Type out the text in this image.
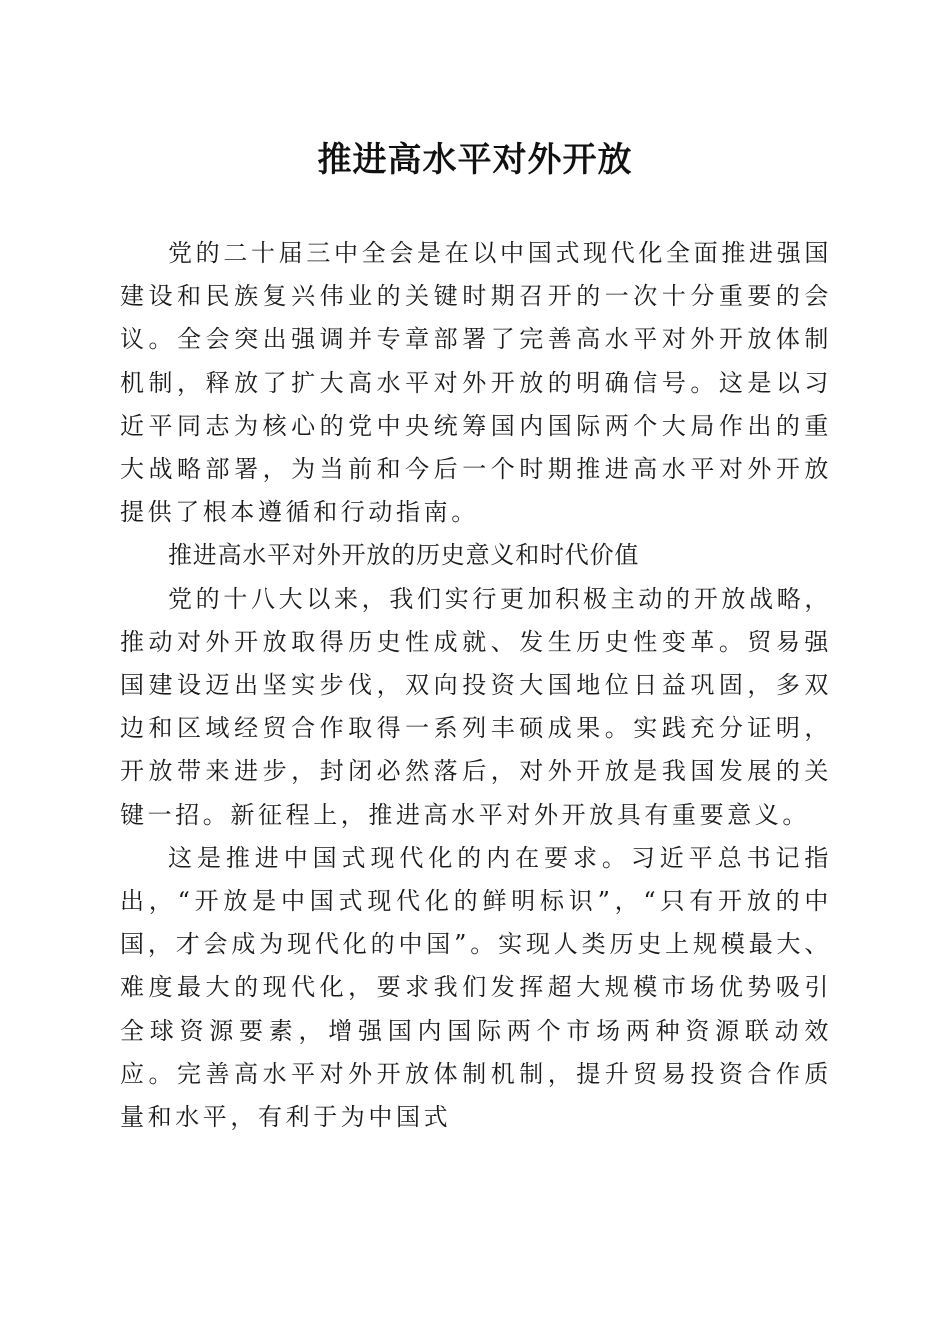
推进高水平对外开放

党的二十届三中全会是在以中国式现代化全面推进强国建设和民族复兴伟业的关键时期召开的一次十分重要的会议。全会突出强调并专章部署了完善高水平对外开放体制机制，释放了扩大高水平对外开放的明确信号。这是以习近平同志为核心的党中央统筹国内国际两个大局作出的重大战略部署，为当前和今后一个时期推进高水平对外开放提供了根本遵循和行动指南。

推进高水平对外开放的历史意义和时代价值

党的十八大以来，我们实行更加积极主动的开放战略，推动对外开放取得历史性成就、发生历史性变革。贸易强国建设迈出坚实步伐，双向投资大国地位日益巩固，多双边和区域经贸合作取得一系列丰硕成果。实践充分证明，开放带来进步，封闭必然落后，对外开放是我国发展的关键一招。新征程上，推进高水平对外开放具有重要意义。

这是推进中国式现代化的内在要求。习近平总书记指出，“开放是中国式现代化的鲜明标识”，“只有开放的中国，才会成为现代化的中国”。实现人类历史上规模最大、难度最大的现代化，要求我们发挥超大规模市场优势吸引全球资源要素，增强国内国际两个市场两种资源联动效应。完善高水平对外开放体制机制，提升贸易投资合作质量和水平，有利于为中国式
